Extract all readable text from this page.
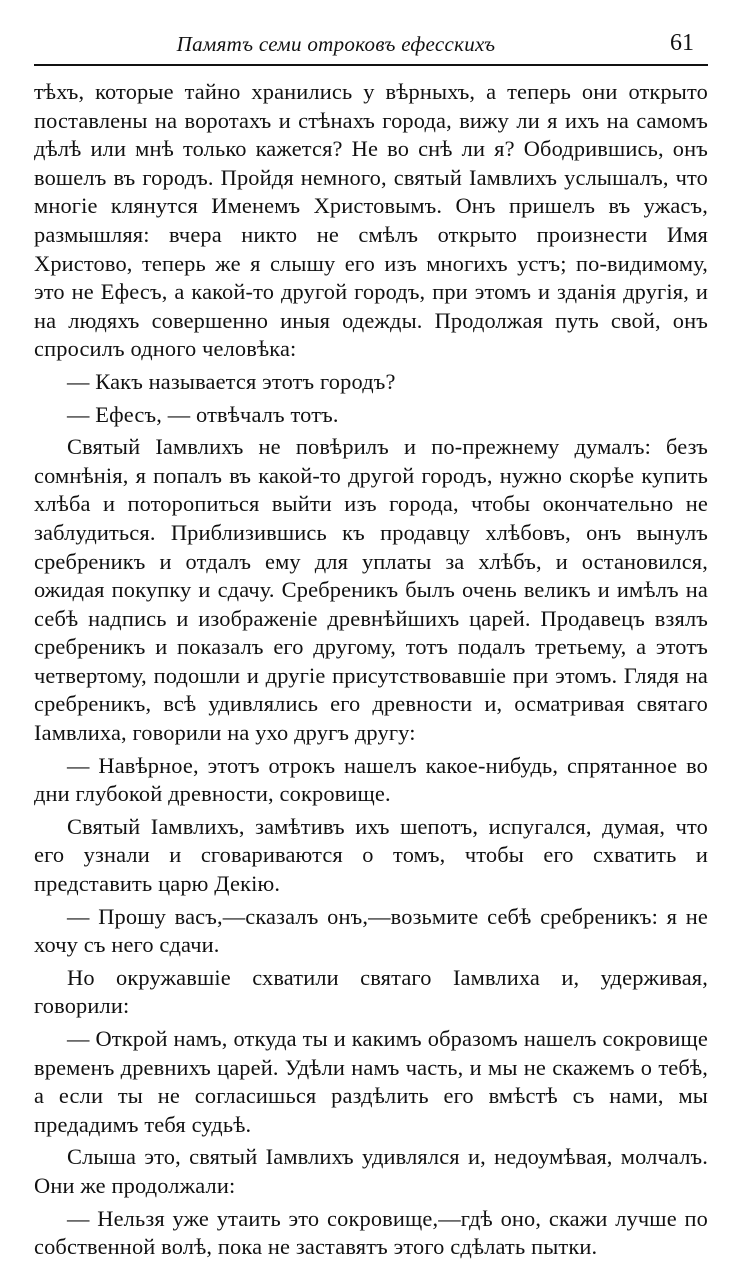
Памятъ семи отроковъ ефесскихъ	61

тѣхъ, которые тайно хранились у вѣрныхъ, а теперь они открыто поставлены на воротахъ и стѣнахъ города, вижу ли я ихъ на самомъ дѣлѣ или мнѣ только кажется? Не во снѣ ли я? Ободрившись, онъ вошелъ въ городъ. Пройдя немного, святый Іамвлихъ услышалъ, что многіе клянутся Именемъ Христовымъ. Онъ пришелъ въ ужасъ, размышляя: вчера никто не смѣлъ открыто произнести Имя Христово, теперь же я слышу его изъ многихъ устъ; по-видимому, это не Ефесъ, а какой-то другой городъ, при этомъ и зданія другія, и на людяхъ совершенно иныя одежды. Продолжая путь свой, онъ спросилъ одного человѣка:

— Какъ называется этотъ городъ?

— Ефесъ, — отвѣчалъ тотъ.

Святый Іамвлихъ не повѣрилъ и по-прежнему думалъ: безъ сомнѣнія, я попалъ въ какой-то другой городъ, нужно скорѣе купить хлѣба и поторопиться выйти изъ города, чтобы окончательно не заблудиться. Приблизившись къ продавцу хлѣбовъ, онъ вынулъ сребреникъ и отдалъ ему для уплаты за хлѣбъ, и остановился, ожидая покупку и сдачу. Сребреникъ былъ очень великъ и имѣлъ на себѣ надпись и изображеніе древнѣйшихъ царей. Продавецъ взялъ сребреникъ и показалъ его другому, тотъ подалъ третьему, а этотъ четвертому, подошли и другіе присутствовавшіе при этомъ. Глядя на сребреникъ, всѣ удивлялись его древности и, осматривая святаго Іамвлиха, говорили на ухо другъ другу:

— Навѣрное, этотъ отрокъ нашелъ какое-нибудь, спрятанное во дни глубокой древности, сокровище.

Святый Іамвлихъ, замѣтивъ ихъ шепотъ, испугался, думая, что его узнали и сговариваются о томъ, чтобы его схватить и представить царю Декію.

— Прошу васъ,—сказалъ онъ,—возьмите себѣ сребреникъ: я не хочу съ него сдачи.

Но окружавшіе схватили святаго Іамвлиха и, удерживая, говорили:

— Открой намъ, откуда ты и какимъ образомъ нашелъ сокровище временъ древнихъ царей. Удѣли намъ часть, и мы не скажемъ о тебѣ, а если ты не согласишься раздѣлить его вмѣстѣ съ нами, мы предадимъ тебя судьѣ.

Слыша это, святый Іамвлихъ удивлялся и, недоумѣвая, молчалъ. Они же продолжали:

— Нельзя уже утаить это сокровище,—гдѣ оно, скажи лучше по собственной волѣ, пока не заставятъ этого сдѣлать пытки.
